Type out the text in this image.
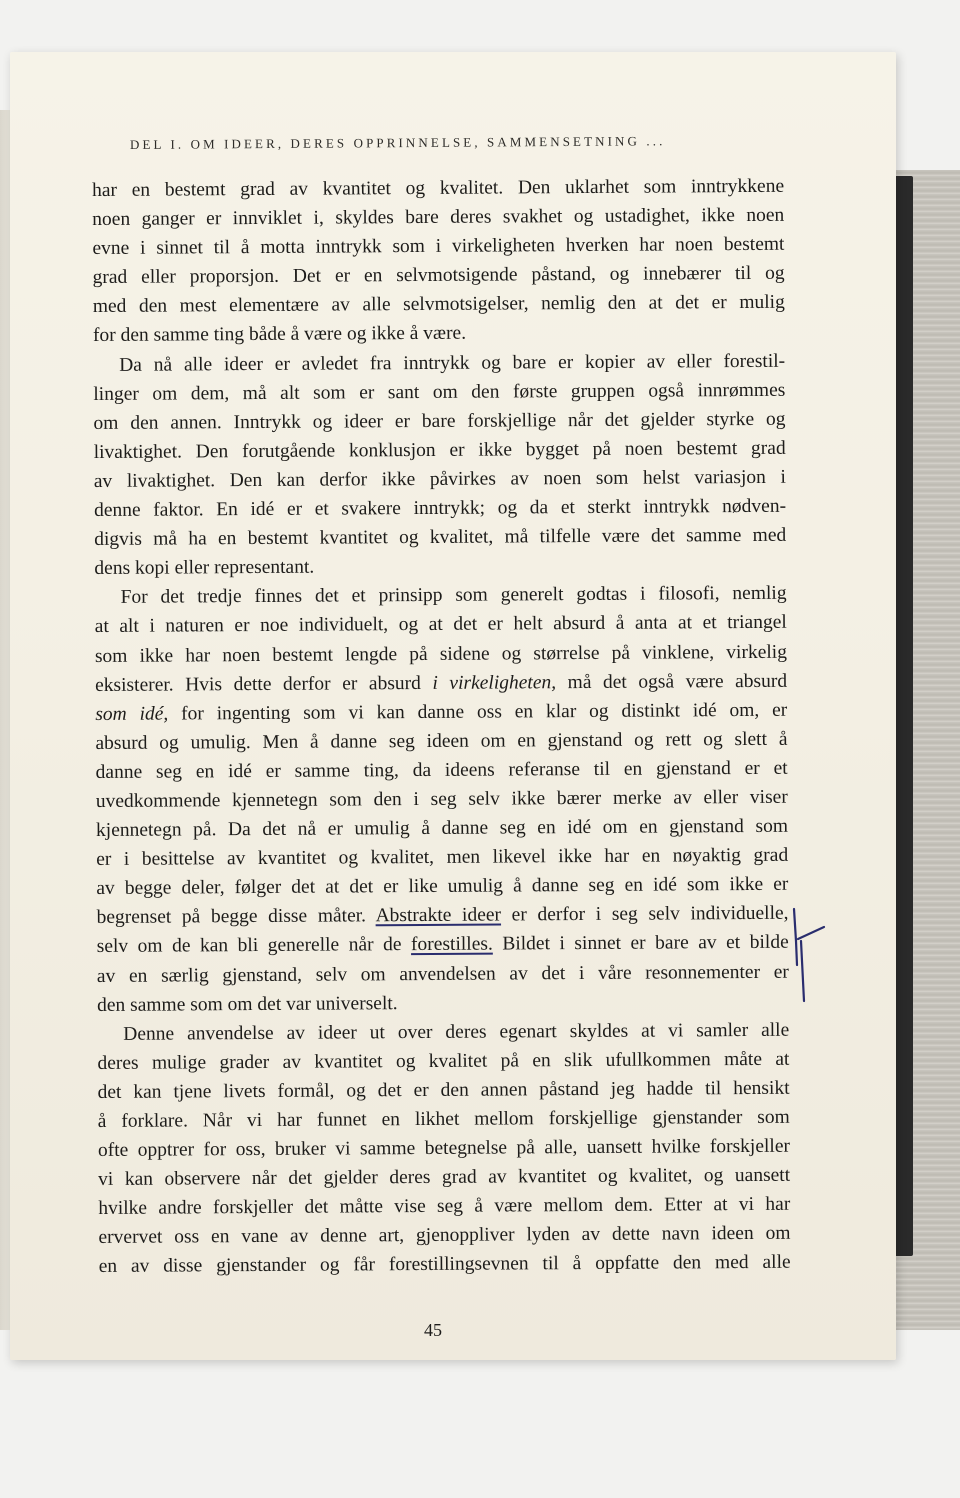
DEL I. OM IDEER, DERES OPPRINNELSE, SAMMENSETNING ...
har en bestemt grad av kvantitet og kvalitet. Den uklarhet som inntrykkene
noen ganger er innviklet i, skyldes bare deres svakhet og ustadighet, ikke noen
evne i sinnet til å motta inntrykk som i virkeligheten hverken har noen bestemt
grad eller proporsjon. Det er en selvmotsigende påstand, og innebærer til og
med den mest elementære av alle selvmotsigelser, nemlig den at det er mulig
for den samme ting både å være og ikke å være.
Da nå alle ideer er avledet fra inntrykk og bare er kopier av eller forestil-
linger om dem, må alt som er sant om den første gruppen også innrømmes
om den annen. Inntrykk og ideer er bare forskjellige når det gjelder styrke og
livaktighet. Den forutgående konklusjon er ikke bygget på noen bestemt grad
av livaktighet. Den kan derfor ikke påvirkes av noen som helst variasjon i
denne faktor. En idé er et svakere inntrykk; og da et sterkt inntrykk nødven-
digvis må ha en bestemt kvantitet og kvalitet, må tilfelle være det samme med
dens kopi eller representant.
For det tredje finnes det et prinsipp som generelt godtas i filosofi, nemlig
at alt i naturen er noe individuelt, og at det er helt absurd å anta at et triangel
som ikke har noen bestemt lengde på sidene og størrelse på vinklene, virkelig
eksisterer. Hvis dette derfor er absurd i virkeligheten, må det også være absurd
som idé, for ingenting som vi kan danne oss en klar og distinkt idé om, er
absurd og umulig. Men å danne seg ideen om en gjenstand og rett og slett å
danne seg en idé er samme ting, da ideens referanse til en gjenstand er et
uvedkommende kjennetegn som den i seg selv ikke bærer merke av eller viser
kjennetegn på. Da det nå er umulig å danne seg en idé om en gjenstand som
er i besittelse av kvantitet og kvalitet, men likevel ikke har en nøyaktig grad
av begge deler, følger det at det er like umulig å danne seg en idé som ikke er
begrenset på begge disse måter. Abstrakte ideer er derfor i seg selv individuelle,
selv om de kan bli generelle når de forestilles. Bildet i sinnet er bare av et bilde
av en særlig gjenstand, selv om anvendelsen av det i våre resonnementer er
den samme som om det var universelt.
Denne anvendelse av ideer ut over deres egenart skyldes at vi samler alle
deres mulige grader av kvantitet og kvalitet på en slik ufullkommen måte at
det kan tjene livets formål, og det er den annen påstand jeg hadde til hensikt
å forklare. Når vi har funnet en likhet mellom forskjellige gjenstander som
ofte opptrer for oss, bruker vi samme betegnelse på alle, uansett hvilke forskjeller
vi kan observere når det gjelder deres grad av kvantitet og kvalitet, og uansett
hvilke andre forskjeller det måtte vise seg å være mellom dem. Etter at vi har
ervervet oss en vane av denne art, gjenoppliver lyden av dette navn ideen om
en av disse gjenstander og får forestillingsevnen til å oppfatte den med alle
45
